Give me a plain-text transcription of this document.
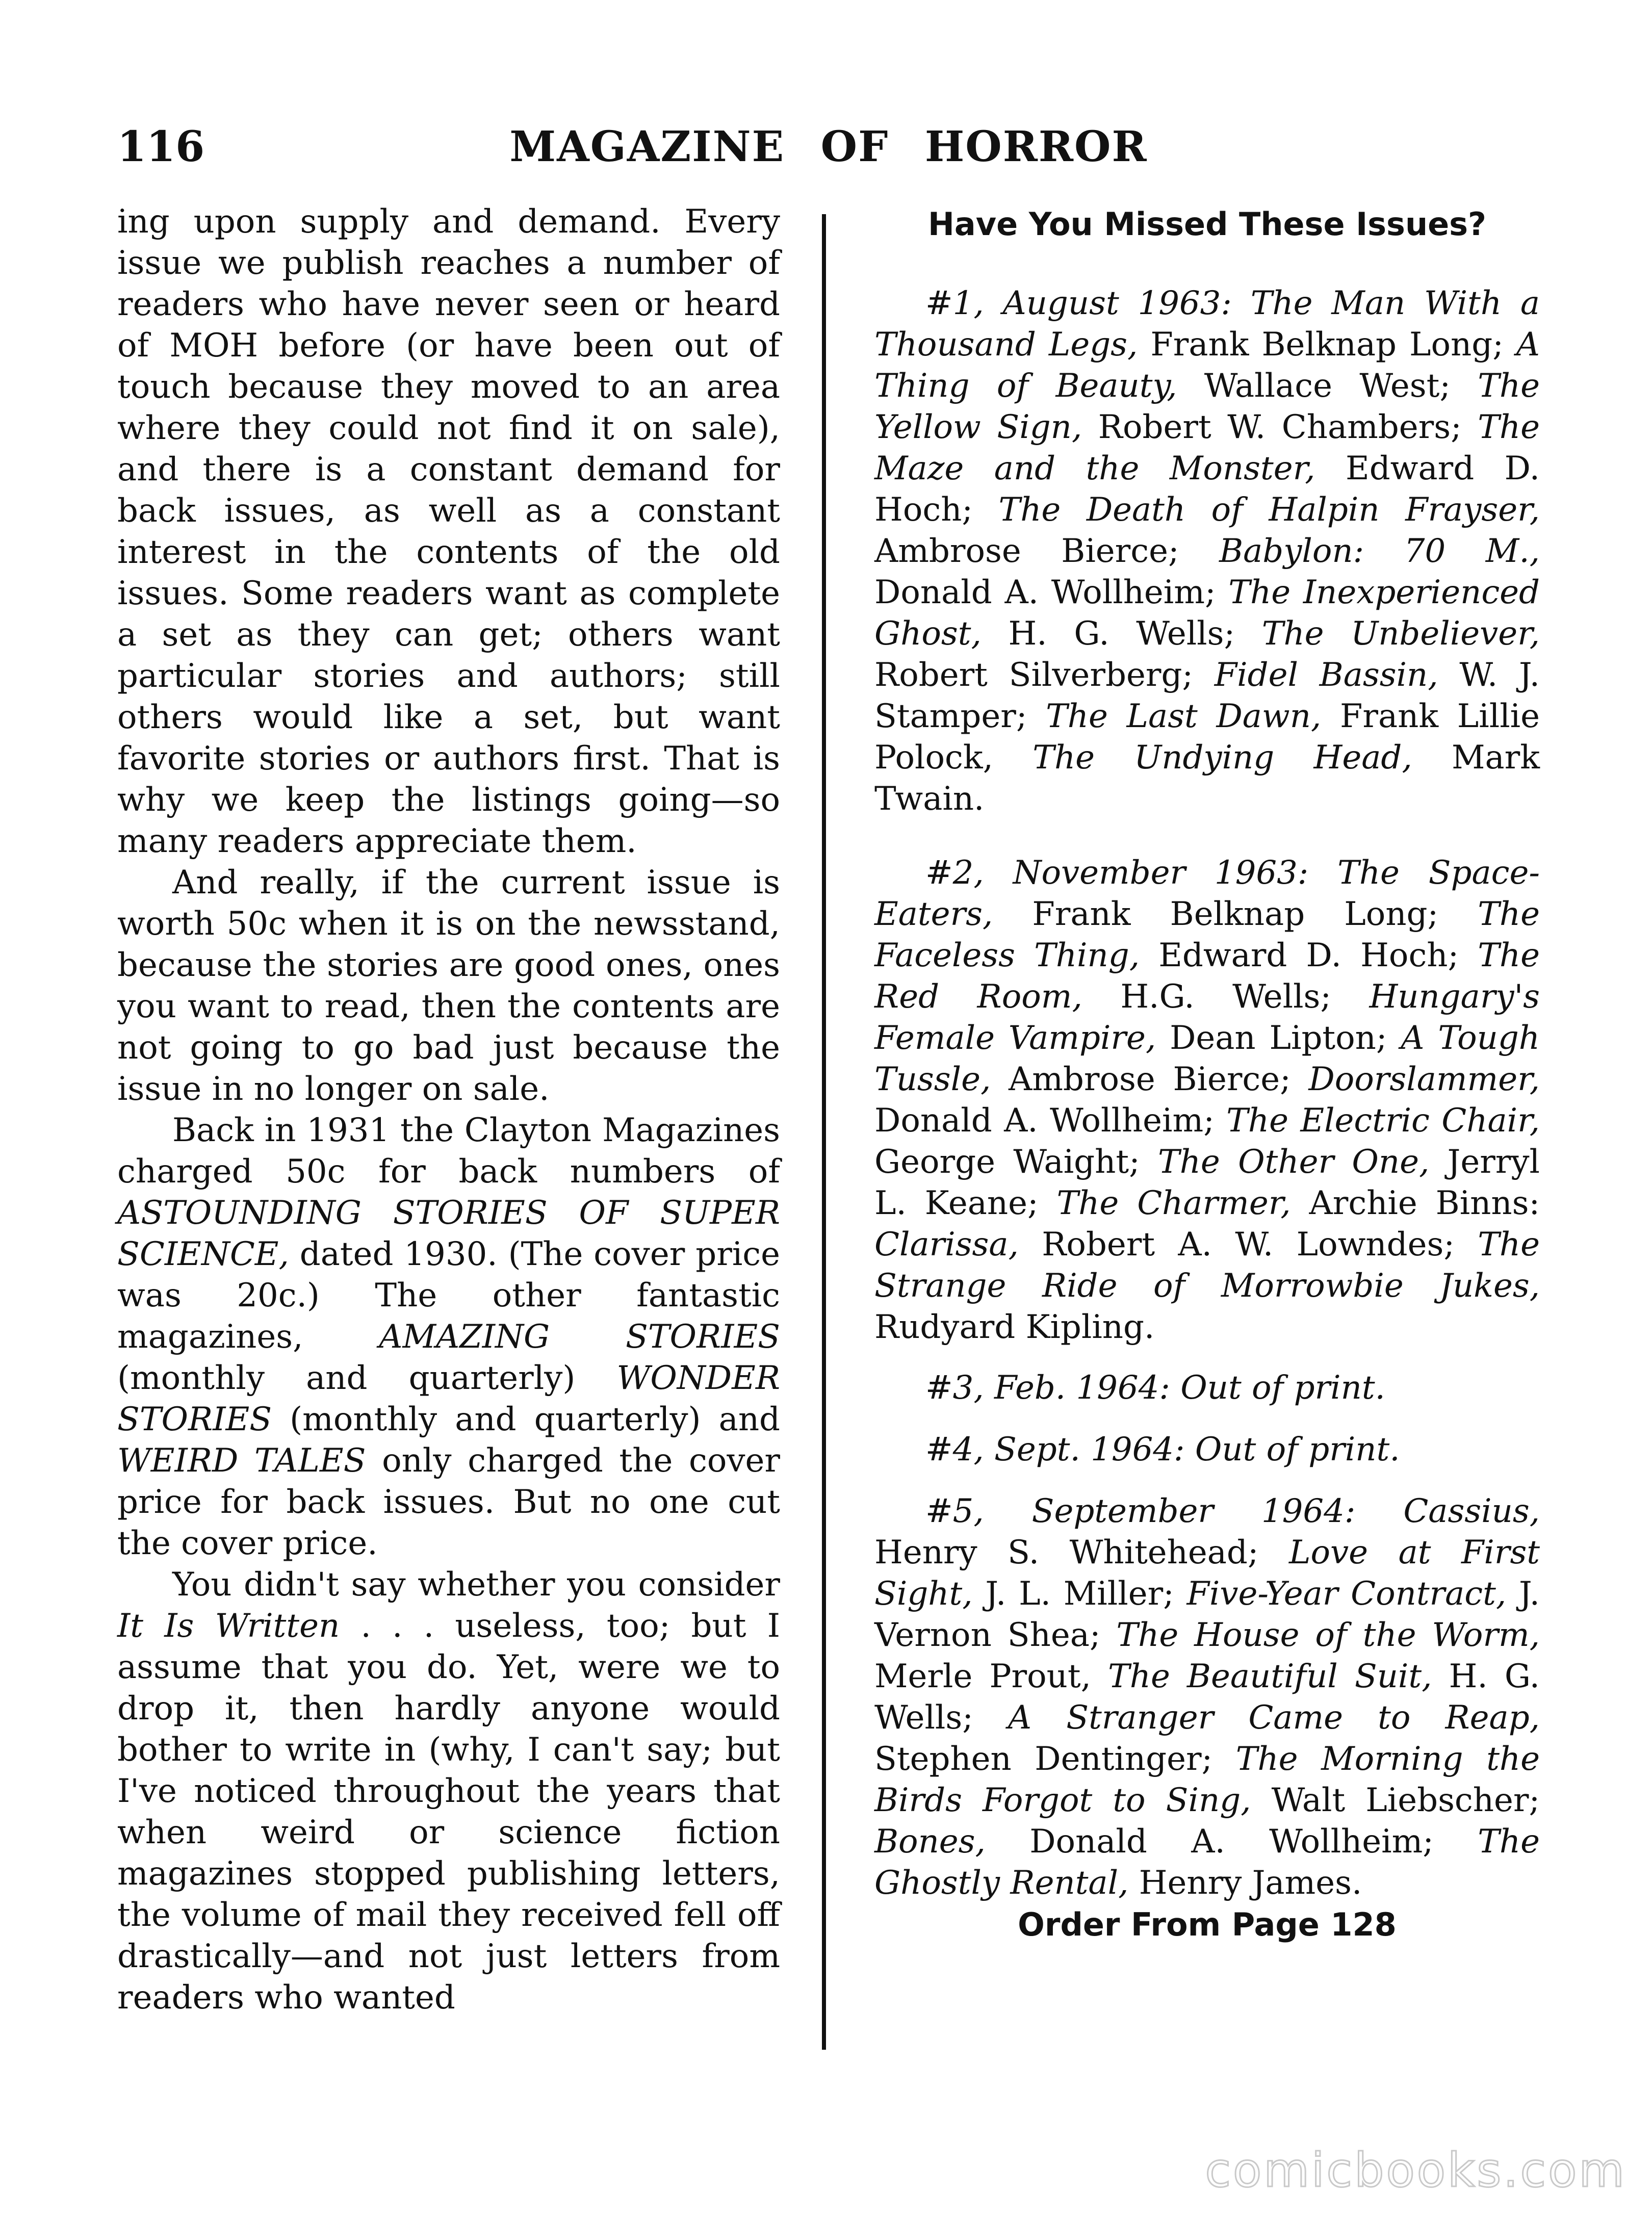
116	MAGAZINE OF HORROR

ing upon supply and demand. Every issue we publish reaches a number of readers who have never seen or heard of MOH before (or have been out of touch because they moved to an area where they could not find it on sale), and there is a constant demand for back issues, as well as a constant interest in the contents of the old issues. Some readers want as complete a set as they can get; others want particular stories and authors; still others would like a set, but want favorite stories or authors first. That is why we keep the listings going—so many readers appreciate them.

And really, if the current issue is worth 50c when it is on the newsstand, because the stories are good ones, ones you want to read, then the contents are not going to go bad just because the issue in no longer on sale.

Back in 1931 the Clayton Magazines charged 50c for back numbers of ASTOUNDING STORIES OF SUPER SCIENCE, dated 1930. (The cover price was 20c.) The other fantastic magazines, AMAZING STORIES (monthly and quarterly) WONDER STORIES (monthly and quarterly) and WEIRD TALES only charged the cover price for back issues. But no one cut the cover price.

You didn't say whether you consider It Is Written . . . useless, too; but I assume that you do. Yet, were we to drop it, then hardly anyone would bother to write in (why, I can't say; but I've noticed throughout the years that when weird or science fiction magazines stopped publishing letters, the volume of mail they received fell off drastically—and not just letters from readers who wanted

Have You Missed These Issues?

#1, August 1963: The Man With a Thousand Legs, Frank Belknap Long; A Thing of Beauty, Wallace West; The Yellow Sign, Robert W. Chambers; The Maze and the Monster, Edward D. Hoch; The Death of Halpin Frayser, Ambrose Bierce; Babylon: 70 M., Donald A. Wollheim; The Inexperienced Ghost, H. G. Wells; The Unbeliever, Robert Silverberg; Fidel Bassin, W. J. Stamper; The Last Dawn, Frank Lillie Polock, The Undying Head, Mark Twain.

#2, November 1963: The Space-Eaters, Frank Belknap Long; The Faceless Thing, Edward D. Hoch; The Red Room, H.G. Wells; Hungary's Female Vampire, Dean Lipton; A Tough Tussle, Ambrose Bierce; Doorslammer, Donald A. Wollheim; The Electric Chair, George Waight; The Other One, Jerryl L. Keane; The Charmer, Archie Binns: Clarissa, Robert A. W. Lowndes; The Strange Ride of Morrowbie Jukes, Rudyard Kipling.

#3, Feb. 1964: Out of print.

#4, Sept. 1964: Out of print.

#5, September 1964: Cassius, Henry S. Whitehead; Love at First Sight, J. L. Miller; Five-Year Contract, J. Vernon Shea; The House of the Worm, Merle Prout, The Beautiful Suit, H. G. Wells; A Stranger Came to Reap, Stephen Dentinger; The Morning the Birds Forgot to Sing, Walt Liebscher; Bones, Donald A. Wollheim; The Ghostly Rental, Henry James.

Order From Page 128
comicbooks.com
